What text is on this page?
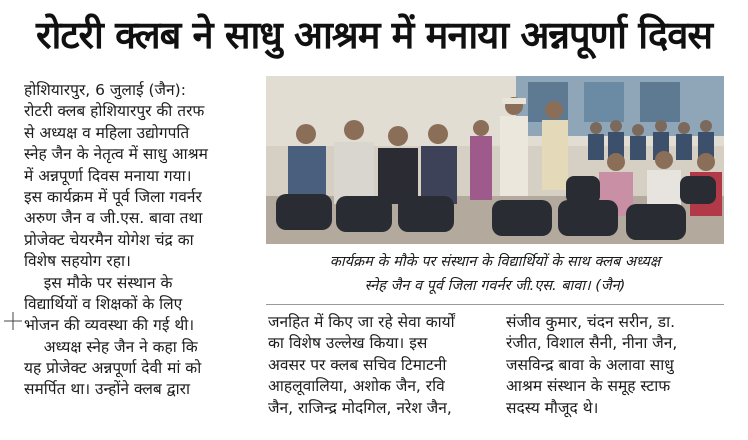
रोटरी क्लब ने साधु आश्रम में मनाया अन्नपूर्णा दिवस
होशियारपुर, 6 जुलाई (जैन):
रोटरी क्लब होशियारपुर की तरफ
से अध्यक्ष व महिला उद्योगपति
स्नेह जैन के नेतृत्व में साधु आश्रम
में अन्नपूर्णा दिवस मनाया गया।
इस कार्यक्रम में पूर्व जिला गवर्नर
अरुण जैन व जी.एस. बावा तथा
प्रोजेक्ट चेयरमैन योगेश चंद्र का
विशेष सहयोग रहा।
इस मौके पर संस्थान के
विद्यार्थियों व शिक्षकों के लिए
भोजन की व्यवस्था की गई थी।
अध्यक्ष स्नेह जैन ने कहा कि
यह प्रोजेक्ट अन्नपूर्णा देवी मां को
समर्पित था। उन्होंने क्लब द्वारा
कार्यक्रम के मौके पर संस्थान के विद्यार्थियों के साथ क्लब अध्यक्ष
स्नेह जैन व पूर्व जिला गवर्नर जी.एस. बावा। (जैन)
जनहित में किए जा रहे सेवा कार्यों
का विशेष उल्लेख किया। इस
अवसर पर क्लब सचिव टिमाटनी
आहलूवालिया, अशोक जैन, रवि
जैन, राजिन्द्र मोदगिल, नरेश जैन,
संजीव कुमार, चंदन सरीन, डा.
रंजीत, विशाल सैनी, नीना जैन,
जसविन्द्र बावा के अलावा साधु
आश्रम संस्थान के समूह स्टाफ
सदस्य मौजूद थे।
